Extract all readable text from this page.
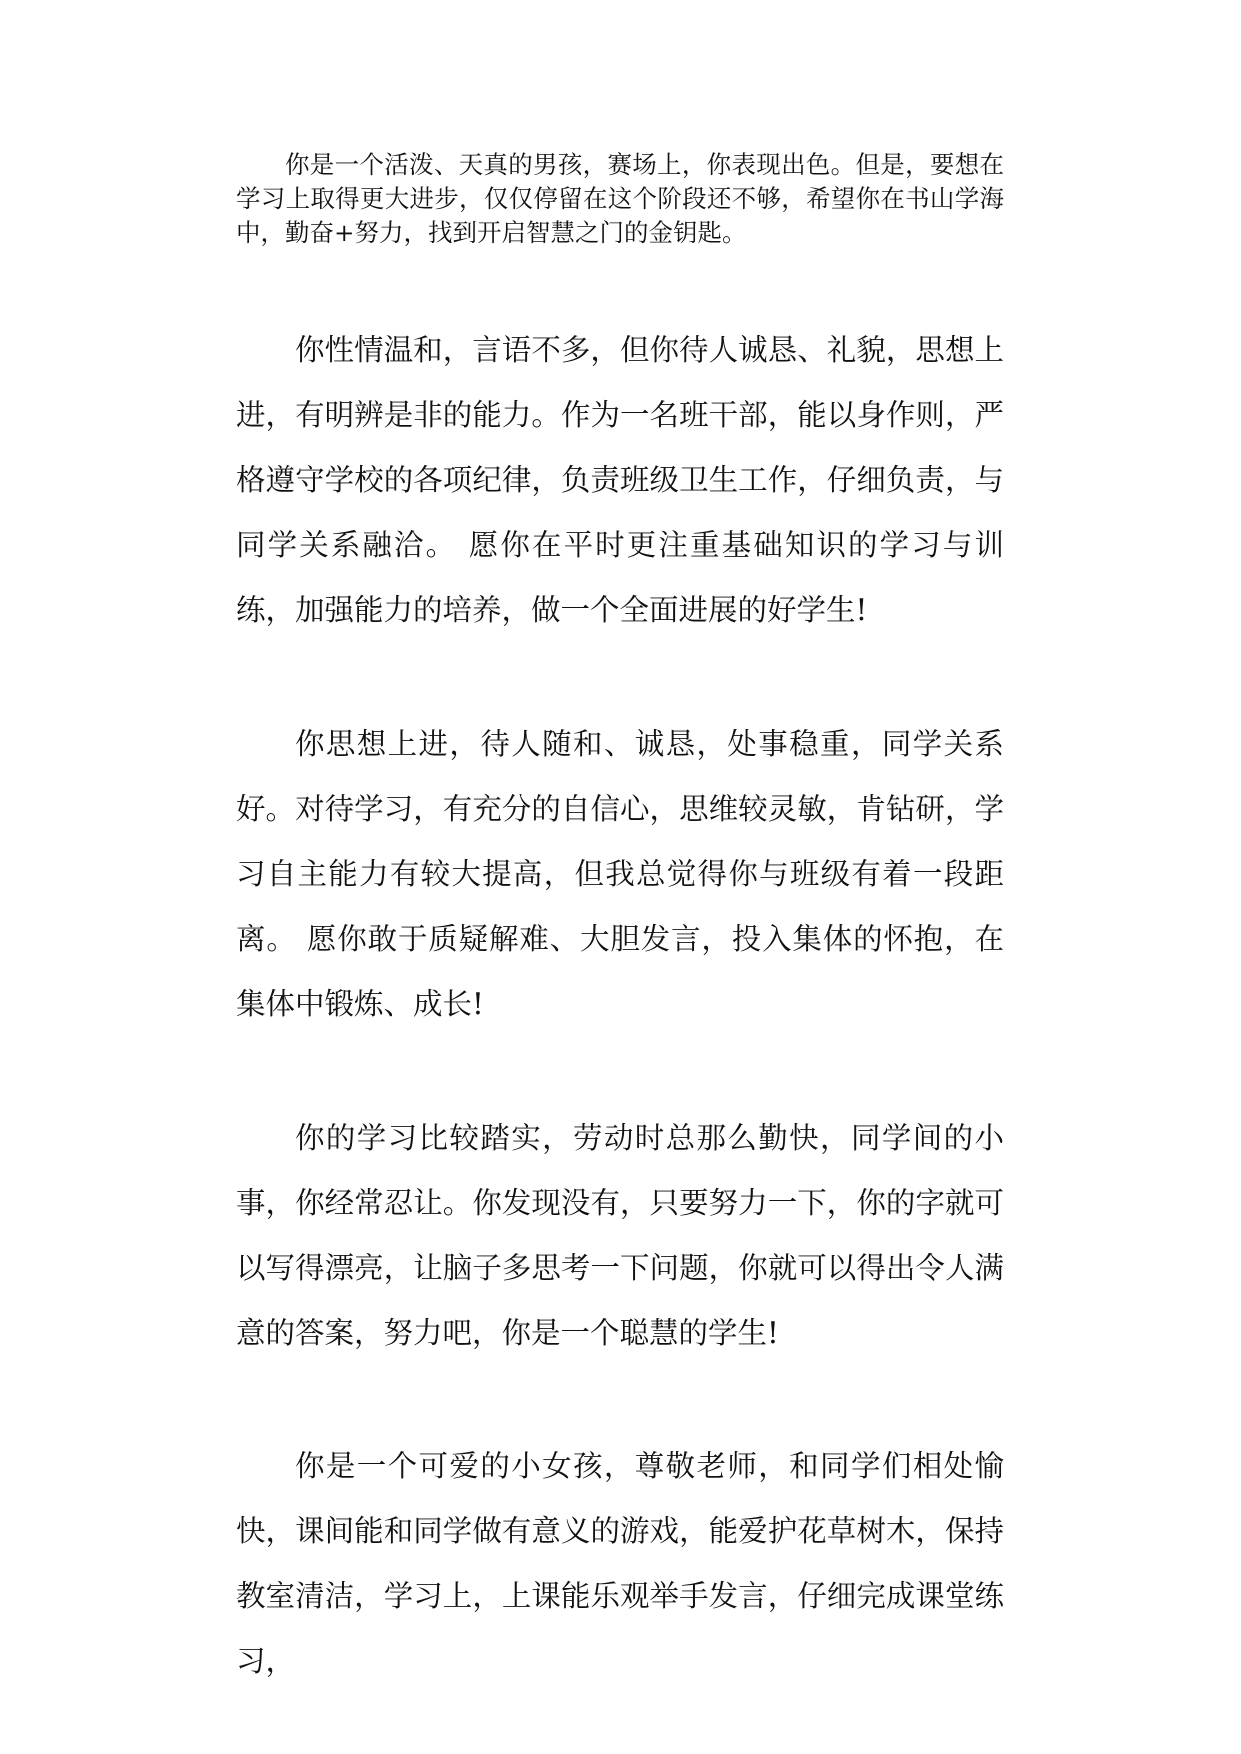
你是一个活泼、天真的男孩，赛场上，你表现出色。但是，要想在学习上取得更大进步，仅仅停留在这个阶段还不够，希望你在书山学海中，勤奋+努力，找到开启智慧之门的金钥匙。

你性情温和，言语不多，但你待人诚恳、礼貌，思想上进，有明辨是非的能力。作为一名班干部，能以身作则，严格遵守学校的各项纪律，负责班级卫生工作，仔细负责，与同学关系融洽。 愿你在平时更注重基础知识的学习与训练，加强能力的培养，做一个全面进展的好学生!

你思想上进，待人随和、诚恳，处事稳重，同学关系好。对待学习，有充分的自信心，思维较灵敏，肯钻研，学习自主能力有较大提高，但我总觉得你与班级有着一段距离。 愿你敢于质疑解难、大胆发言，投入集体的怀抱，在集体中锻炼、成长!

你的学习比较踏实，劳动时总那么勤快，同学间的小事，你经常忍让。你发现没有，只要努力一下，你的字就可以写得漂亮，让脑子多思考一下问题，你就可以得出令人满意的答案，努力吧，你是一个聪慧的学生!

你是一个可爱的小女孩，尊敬老师，和同学们相处愉快，课间能和同学做有意义的游戏，能爱护花草树木，保持教室清洁，学习上，上课能乐观举手发言，仔细完成课堂练习，
